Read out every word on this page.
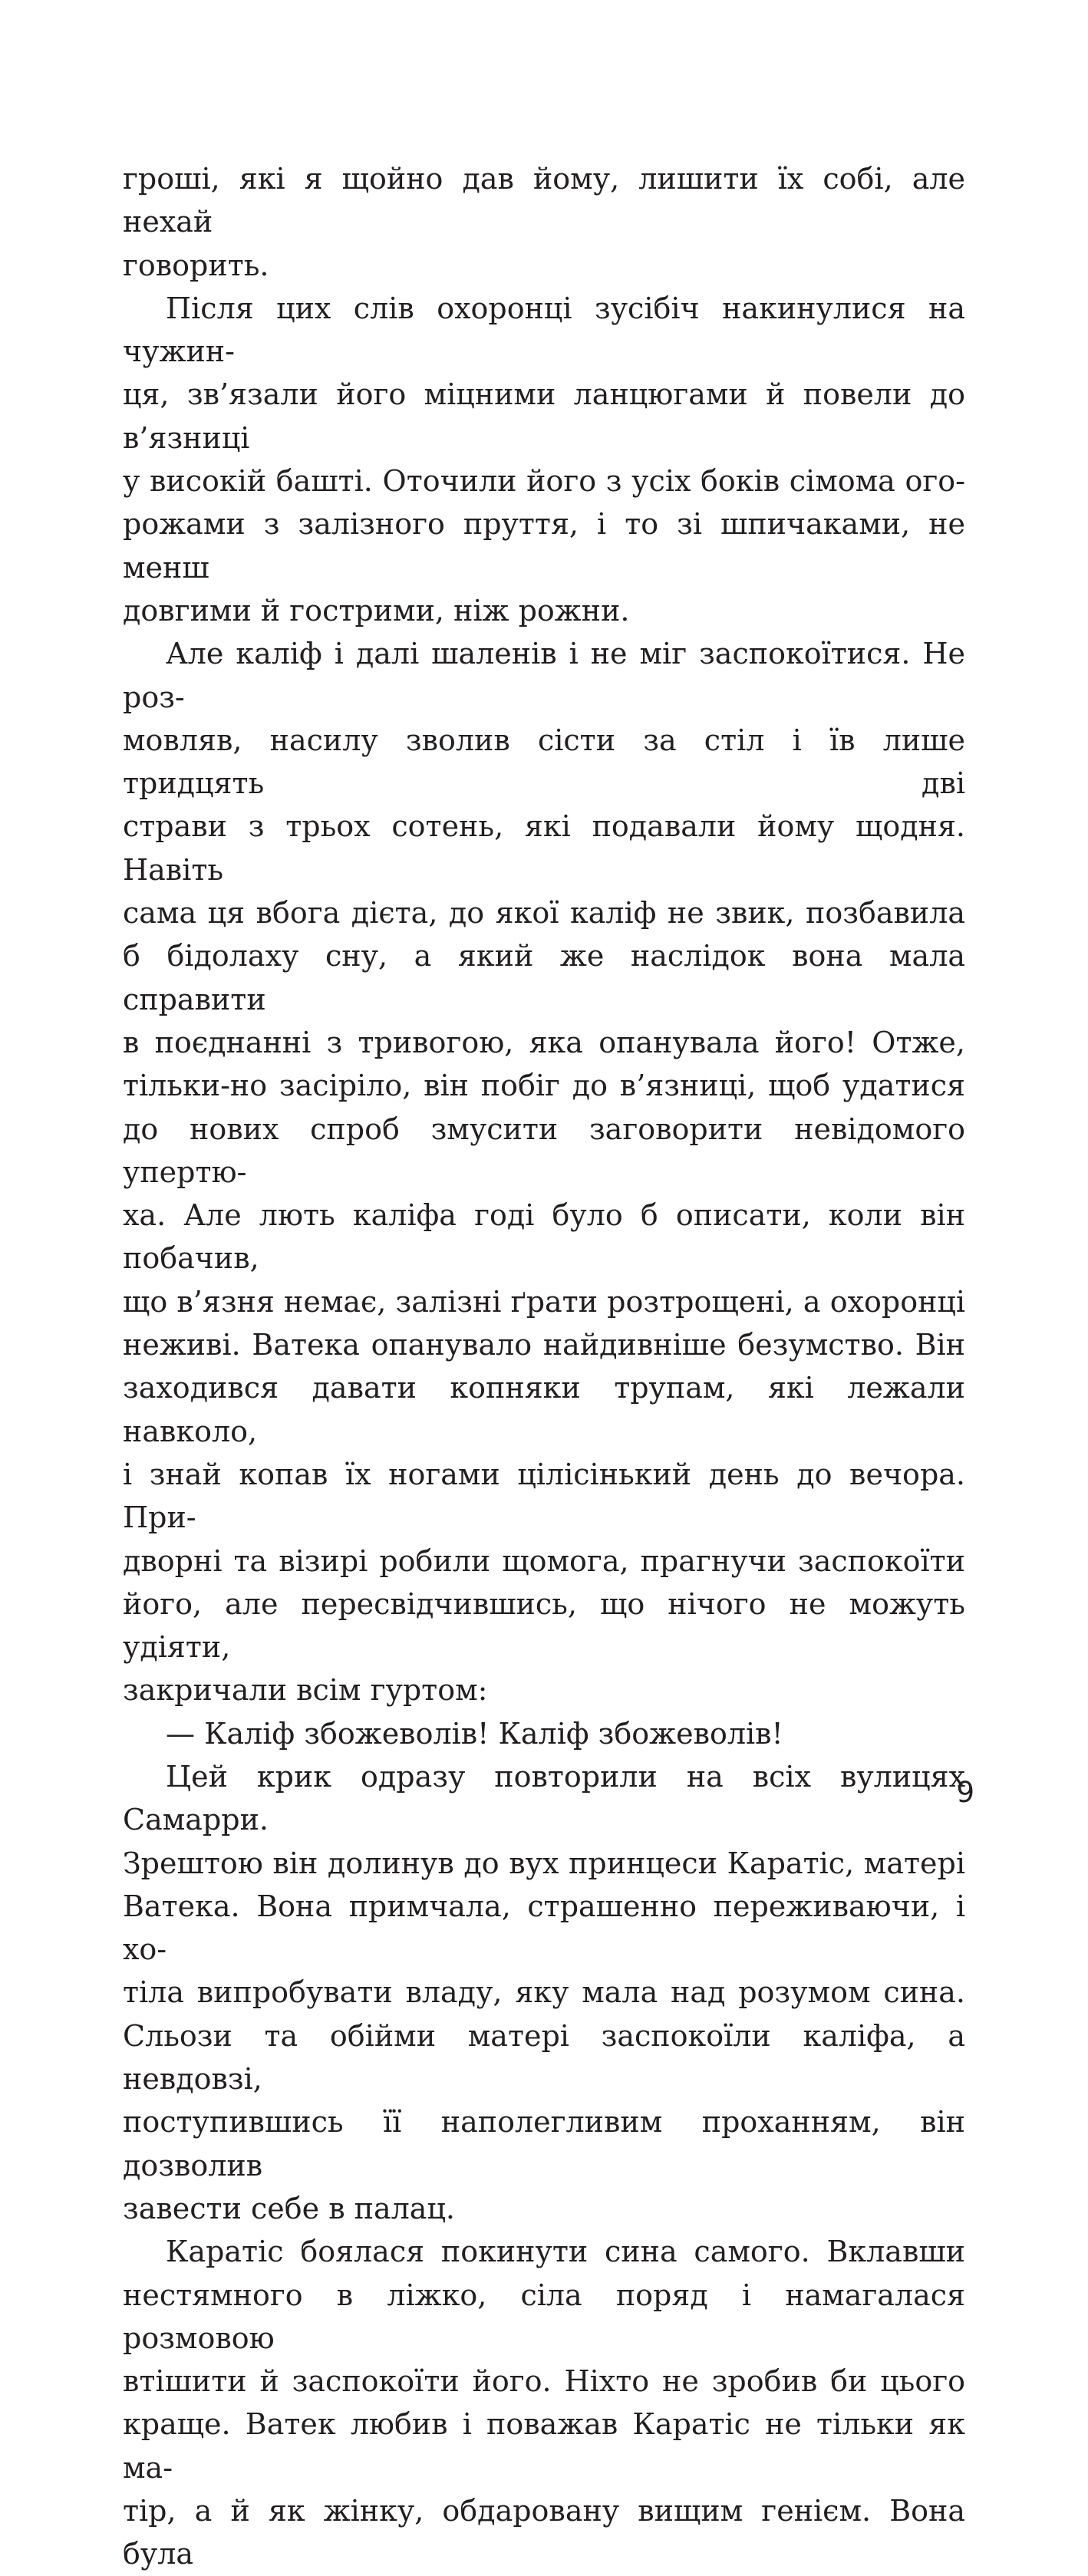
гроші, які я щойно дав йому, лишити їх собі, але нехай

говорить.

Після цих слів охоронці зусібіч накинулися на чужин-

ця, зв’язали його міцними ланцюгами й повели до в’язниці

у високій башті. Оточили його з усіх боків сімома ого-

рожами з залізного пруття, і то зі шпичаками, не менш

довгими й гострими, ніж рожни.

Але каліф і далі шаленів і не міг заспокоїтися. Не роз-

мовляв, насилу зволив сісти за стіл і їв лише тридцять дві

страви з трьох сотень, які подавали йому щодня. Навіть

сама ця вбога дієта, до якої каліф не звик, позбавила

б бідолаху сну, а який же наслідок вона мала справити

в поєднанні з тривогою, яка опанувала його! Отже,

тільки-но засіріло, він побіг до в’язниці, щоб удатися

до нових спроб змусити заговорити невідомого упертю-

ха. Але лють каліфа годі було б описати, коли він побачив,

що в’язня немає, залізні ґрати розтрощені, а охоронці

неживі. Ватека опанувало найдивніше безумство. Він

заходився давати копняки трупам, які лежали навколо,

і знай копав їх ногами цілісінький день до вечора. При-

дворні та візирі робили щомога, прагнучи заспокоїти

його, але пересвідчившись, що нічого не можуть удіяти,

закричали всім гуртом:

— Каліф збожеволів! Каліф збожеволів!

Цей крик одразу повторили на всіх вулицях Самарри.

Зрештою він долинув до вух принцеси Каратіс, матері

Ватека. Вона примчала, страшенно переживаючи, і хо-

тіла випробувати владу, яку мала над розумом сина.

Сльози та обійми матері заспокоїли каліфа, а невдовзі,

поступившись її наполегливим проханням, він дозволив

завести себе в палац.

Каратіс боялася покинути сина самого. Вклавши

нестямного в ліжко, сіла поряд і намагалася розмовою

втішити й заспокоїти його. Ніхто не зробив би цього

краще. Ватек любив і поважав Каратіс не тільки як ма-

тір, а й як жінку, обдаровану вищим генієм. Вона була

9
